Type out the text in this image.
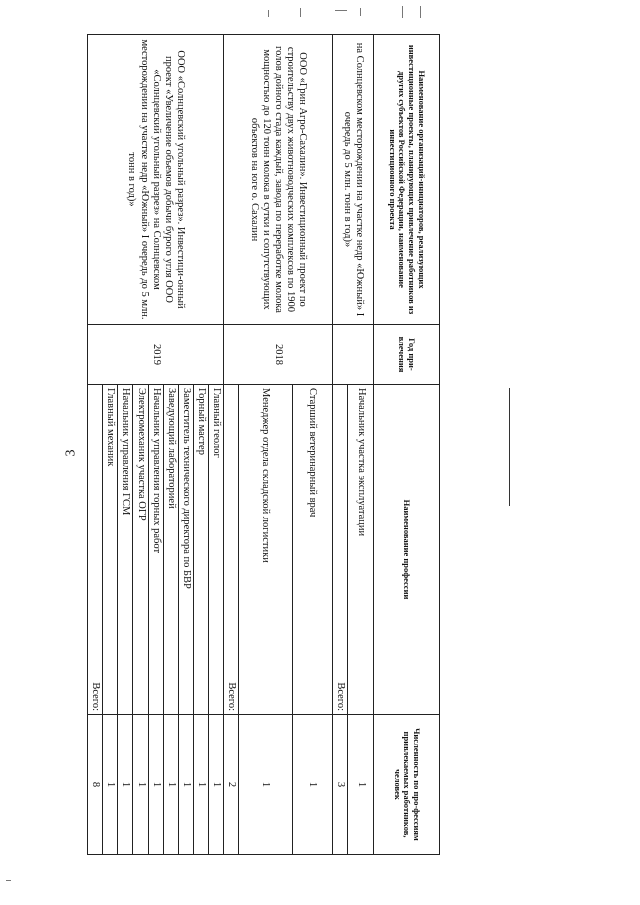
3
Наименование организаций-инициаторов, реализующих инвестиционные проекты, планирующих привлечение работников из других субъектов Российской Федерации, наименование инвестиционного проекта	Год при-влечения	Наименование профессии	Численность по про-фессиям привлекаемых работников, человек
на Солнцевском месторождении на участке недр «Южный» I очередь до 5 млн. тонн в год)»		Начальник участка эксплуатации	1
		Всего:	3
ООО «Грин Агро-Сахалин». Инвестиционный проект по строительству двух животноводческих комплексов по 1900 голов дойного стада каждый, завода по переработке молока мощностью до 120 тонн молока в сутки и сопутствующих объектов на юге о. Сахалин	2018	Старший ветеринарный врач	1
		Менеджер отдела складской логистики	1
		Всего:	2
ООО «Солнцевский угольный разрез». Инвестици-онный проект «Увеличение объемов добычи бурого угля ООО «Солнцевский угольный разрез» на Солнцевском месторождении на участке недр «Южный» I очередь до 5 млн. тонн в год)»	2019	Главный геолог	1
		Горный мастер	1
		Заместитель технического директора по БВР	1
		Заведующий лабораторией	1
		Начальник управления горных работ	1
		Электромеханик участка ОГР	1
		Начальник управления ГСМ	1
		Главный механик	1
		Всего:	8
